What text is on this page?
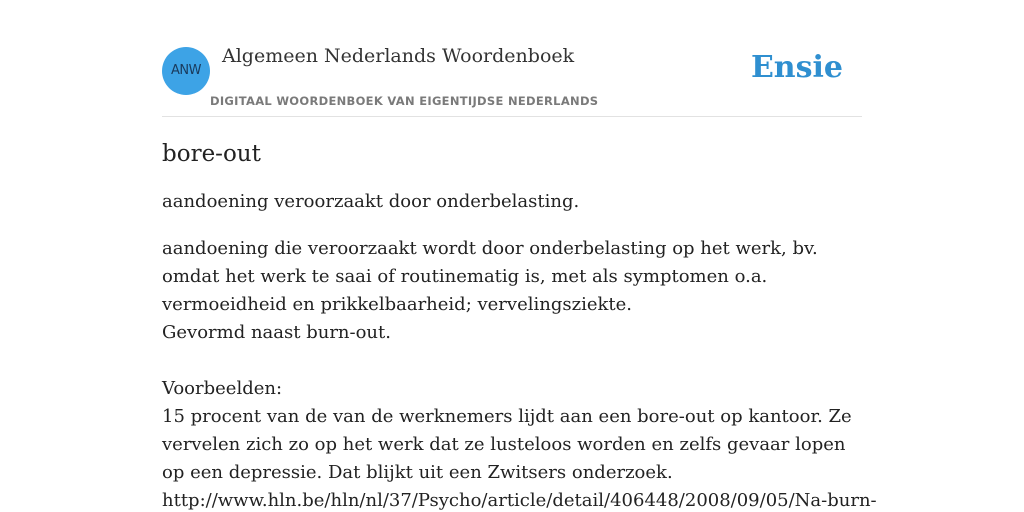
ANW
Algemeen Nederlands Woordenboek
DIGITAAL WOORDENBOEK VAN EIGENTIJDSE NEDERLANDS
Ensie
bore-out

aandoening veroorzaakt door onderbelasting.

aandoening die veroorzaakt wordt door onderbelasting op het werk, bv. omdat het werk te saai of routinematig is, met als symptomen o.a. vermoeidheid en prikkelbaarheid; vervelingsziekte.

Gevormd naast burn-out.

Voorbeelden:

15 procent van de van de werknemers lijdt aan een bore-out op kantoor. Ze vervelen zich zo op het werk dat ze lusteloos worden en zelfs gevaar lopen op een depressie. Dat blijkt uit een Zwitsers onderzoek.

http://www.hln.be/hln/nl/37/Psycho/article/detail/406448/2008/09/05/Na-burn-
